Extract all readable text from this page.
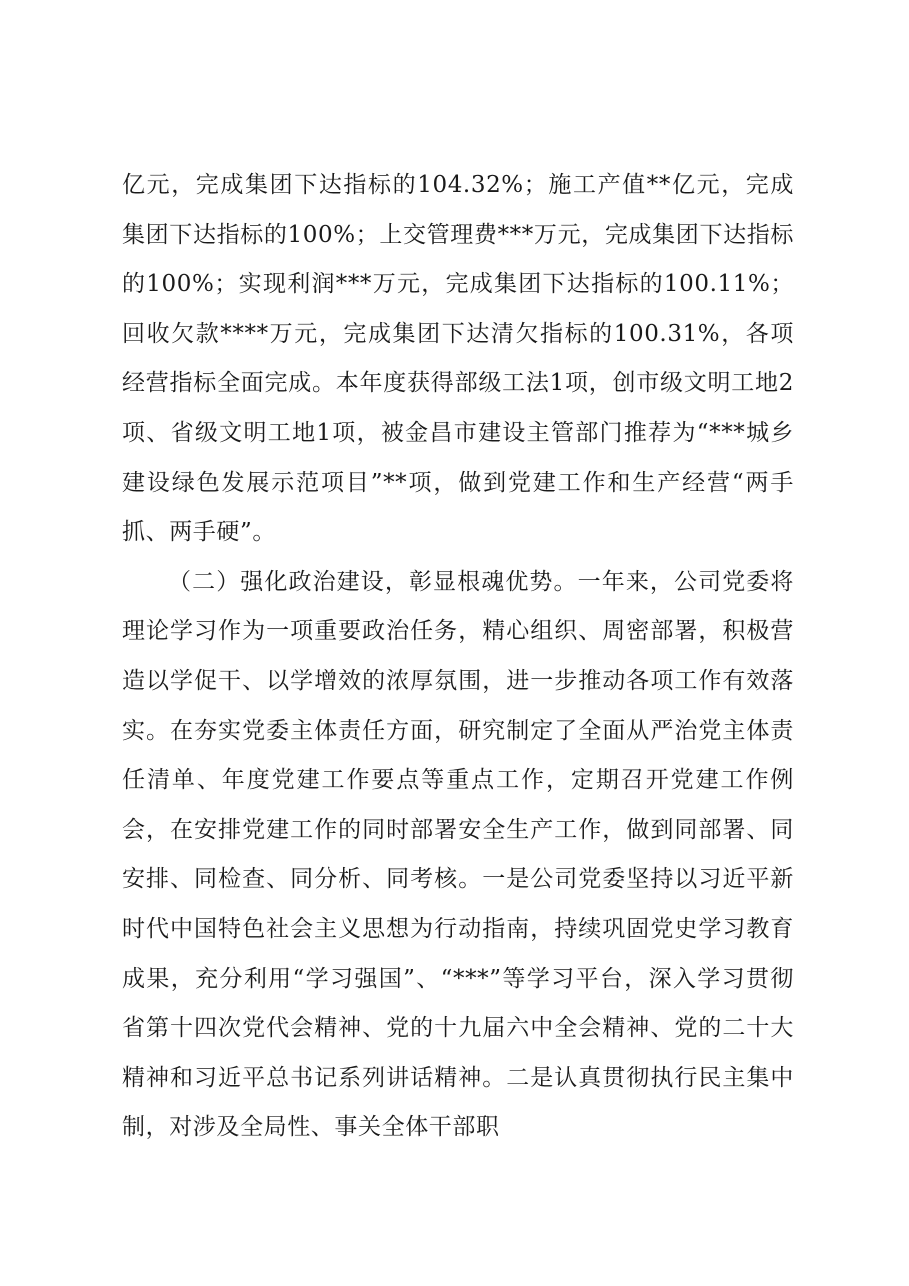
亿元，完成集团下达指标的104.32%；施工产值**亿元，完成集团下达指标的100%；上交管理费***万元，完成集团下达指标的100%；实现利润***万元，完成集团下达指标的100.11%；回收欠款****万元，完成集团下达清欠指标的100.31%，各项经营指标全面完成。本年度获得部级工法1项，创市级文明工地2项、省级文明工地1项，被金昌市建设主管部门推荐为“***城乡建设绿色发展示范项目”**项，做到党建工作和生产经营“两手抓、两手硬”。

（二）强化政治建设，彰显根魂优势。一年来，公司党委将理论学习作为一项重要政治任务，精心组织、周密部署，积极营造以学促干、以学增效的浓厚氛围，进一步推动各项工作有效落实。在夯实党委主体责任方面，研究制定了全面从严治党主体责任清单、年度党建工作要点等重点工作，定期召开党建工作例会，在安排党建工作的同时部署安全生产工作，做到同部署、同安排、同检查、同分析、同考核。一是公司党委坚持以习近平新时代中国特色社会主义思想为行动指南，持续巩固党史学习教育成果，充分利用“学习强国”、“***”等学习平台，深入学习贯彻省第十四次党代会精神、党的十九届六中全会精神、党的二十大精神和习近平总书记系列讲话精神。二是认真贯彻执行民主集中制，对涉及全局性、事关全体干部职
